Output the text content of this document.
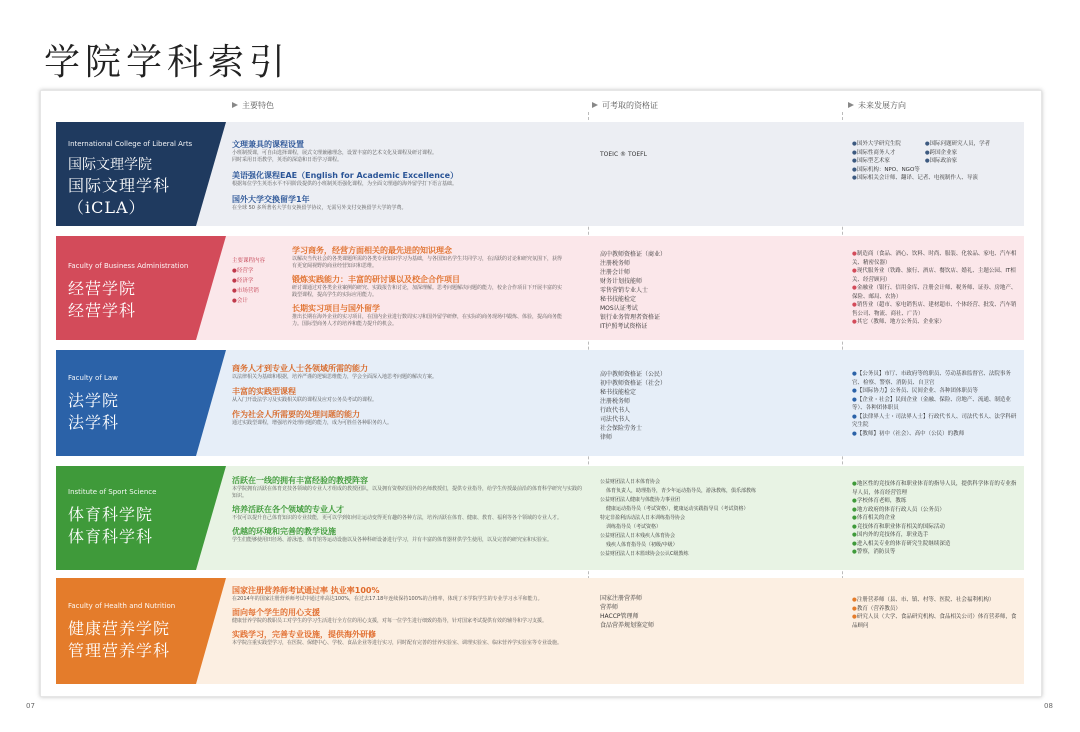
学院学科索引
主要特色	可考取的资格证	未来发展方向
International College of Liberal Arts
国际文理学院
国际文理学科
（iCLA）
文理兼具的课程设置
小班制授课，可自由选择课程，展式文理兼融理念，设置丰富的艺术文化及课程及研讨课程。
同时采用日语教学，英语的深造和日语学习课程。
美语强化课程EAE（English for Academic Excellence）
根据每位学生英语水平不同阶段提供的小班制英语强化课程，为全面文理通的海外留学打下语言基础。
国外大学交换留学1年
在全球 50 多所著名大学有交换留学协议，无需另外支付交换留学大学的学费。
TOEIC ® TOEFL
●国外大学研究生院	●国际问题研究人员，学者
●国际性商务人才	●跨国企业家
●国际型艺术家	●国际政治家
●国际机构：NPO、NGO等
●国际相关会计师、翻译、记者、电视制作人、导演
Faculty of Business Administration
经营学院
经营学科
主要课程内容
●经营学
●经济学
●市场营销
●会计
学习商务，经营方面相关的最先进的知识理念
以解决当代社会的各类课题所需的各类专业知识学习为基础，与各国知名学生共同学习，在活跃的讨论和研究氛围下，获得有更宽阔视野的商业经营知识和思维。
锻炼实践能力：丰富的研讨课以及校企合作项目
研讨课通过对各类企业案例的研究、实践报告和讨论，加深理解。思考问题解决问题的能力，校企合作项目下开展丰富的实践型课程，提高学生的实际应用能力。
长期实习项目与国外留学
推出长期在海外企业的实习项目，在国内企业进行数周实习和国外留学研修，在实际的商务现场中锻炼、体验，提高商务能力。国际型商务人才的培养和能力提升的机会。
高中教师资格证（商业）
注册税务师
注册会计师
财务计划技能师
零售营销专业人士
秘书技能检定
MOS认证考试
银行业务管理者资格证
IT护照考试资格证
●制造商（食品、酒心、饮料、时尚、服装、化妆品、家电、汽车相关、精密仪器）
●现代服务业（铁路、旅行、酒店、餐饮店、婚礼、主题公园、IT相关、经营顾问）
●金融业（银行、信用金库、注册会计师、税务师、证券、房地产、保险、邮局、农协）
●销售业（超市、家电销售店、建材超市、个体经营、批发、汽车销售公司、物流、商社、广告）
●其它（教师、地方公务员、企业家）
Faculty of Law
法学院
法学科
商务人才到专业人士各领域所需的能力
以法律相关为基础和根据，培养严谨的逻辑思维能力，学会全面深入地思考问题的解决方案。
丰富的实践型课程
从入门开设法学习及实践相关联的课程及应对公务员考试的课程。
作为社会人所需要的处理问题的能力
通过实践型课程，增强培养处理问题的能力，成为可胜任各种职务的人。
高中教师资格证（公民）
初中教师资格证（社会）
秘书技能检定
注册税务师
行政代书人
司法代书人
社会保险劳务士
律师
●【公务员】市厅、市政府等的职员、劳动基准监督官、法院事务官、检察、警察、消防员、自卫官
●【国际协力】公务员、民间企业、各种团体职员等
●【企业・社会】民间企业（金融、保险、房地产、流通、制造业等）、各种团体职员
●【法律界人士・司法界人士】行政代书人、司法代书人、法学科研究生院
●【教师】初中（社会）、高中（公民）的教师
Institute of Sport Science
体育科学院
体育科学科
活跃在一线的拥有丰富经验的教授阵容
本学院拥有活跃在体育竞技各领域的专业人才组成的教授团队，以及拥有资格的国外的名师教授们，提供专业指导，给学生传授最前沿的体育科学研究与实践的知识。
培养活跃在各个领域的专业人才
不仅可以提升自己体育知识的专业技能，更可以学到如何让运动变得更有趣的各种方法，培养活跃在体育、健康、教育、福利等各个领域的专业人才。
优越的环境和完善的教学设施
学生们能够使用田径场、游泳池、体育馆等运动设施以及各种科研设备进行学习，并有丰富的体育器材供学生使用，以及完善的研究室和实验室。
公益财团法人日本体育协会
体育负责人，助理指导，青少年运动指导员，游泳教练，俱乐部教练
公益财团法人健康与体能协力事业团
健康运动指导员（考试资格），健康运动实践指导员（考试资格）
特定非盈利活动法人日本训练指导协会
训练指导员（考试资格）
公益财团法人日本残疾人体育协会
残疾人体育指导员（初级/中级）
公益财团法人日本篮球协会公认C级教练
●地区性的竞技体育和职业体育的指导人员，提供科学体育的专业指导人员，体育经营管理
●学校体育老师，教练
●地方政府的体育行政人员（公务员）
●体育相关的企业
●竞技体育和职业体育相关的国际活动
●国内外的竞技体育，职业选手
●进入相关专业的体育研究生院继续深造
●警察，消防员等
Faculty of Health and Nutrition
健康营养学院
管理营养学科
国家注册营养师考试通过率 执业率100%
在2014年的国家注册营养师考试中通过率高达100%，在过去17.18年连续保持100%的合格率，体现了本学院学生的专业学习水平和能力。
面向每个学生的用心支援
健康营养学院的教职员工对学生的学习生活进行全方位的用心支援，对每一位学生进行细致的指导，针对国家考试提供有效的辅导和学习支援。
实践学习，完善专业设施，提供海外研修
本学院注重实践型学习，在医院、保健中心、学校、食品企业等进行实习，同时配有完善的营养实验室、调理实验室、临床营养学实验室等专业设施。
国家注册营养师
营养师
HACCP管理师
食品营养规划鉴定师
●注册营养师（县、市、镇、村等、医院、社会福利机构）
●教育（营养教员）
●研究人员（大学、食品研究机构、食品相关公司）体育营养师，食品顾问
07	08
